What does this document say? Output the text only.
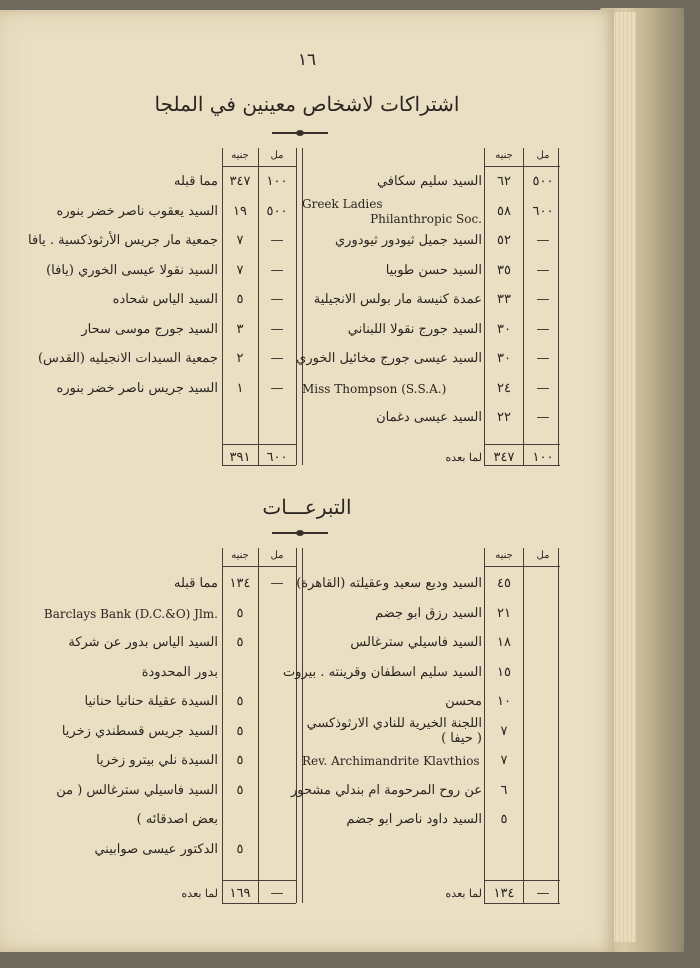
١٦
اشتراكات لاشخاص معينين في الملجا
مل
جنيه
مل
جنيه
٥٠٠
٦٢
السيد سليم سكافي
٦٠٠
٥٨
Greek Ladies
Philanthropic Soc.
—
٥٢
السيد جميل ثيودور ثيودوري
—
٣٥
السيد حسن طوبيا
—
٣٣
عمدة كنيسة مار بولس الانجيلية
—
٣٠
السيد جورج نقولا اللبناني
—
٣٠
السيد عيسى جورج مخائيل الخوري
—
٢٤
Miss Thompson (S.S.A.)
—
٢٢
السيد عيسى دغمان
١٠٠
٣٤٧
لما بعده
١٠٠
٣٤٧
مما قبله
٥٠٠
١٩
السيد يعقوب ناصر خضر بنوره
—
٧
جمعية مار جريس الأرثوذكسية . يافا
—
٧
السيد نقولا عيسى الخوري (يافا)
—
٥
السيد الياس شحاده
—
٣
السيد جورج موسى سحار
—
٢
جمعية السيدات الانجيليه (القدس)
—
١
السيد جريس ناصر خضر بنوره
٦٠٠
٣٩١
التبرعـــات
مل
جنيه
مل
جنيه
٤٥
السيد وديع سعيد وعقيلته (القاهرة)
٢١
السيد رزق ابو جضم
١٨
السيد فاسيلي سترغالس
١٥
السيد سليم اسطفان وقرينته . بيروت
١٠
محسن
٧
اللجنة الخيرية للنادي الارثوذكسي
( حيفا )
٧
Rev. Archimandrite Klavthios
٦
عن روح المرحومة ام بندلي مشحور
٥
السيد داود ناصر ابو جضم
—
١٣٤
لما بعده
—
١٣٤
مما قبله
٥
Barclays Bank (D.C.&O) Jlm.
٥
السيد الياس بدور عن شركة
بدور المحدودة
٥
السيدة عقيلة حنانيا حنانيا
٥
السيد جريس قسطندي زخريا
٥
السيدة نلي بيترو زخريا
٥
السيد فاسيلي سترغالس ( من
بعض اصدقائه )
٥
الدكتور عيسى صوابيني
—
١٦٩
لما بعده
